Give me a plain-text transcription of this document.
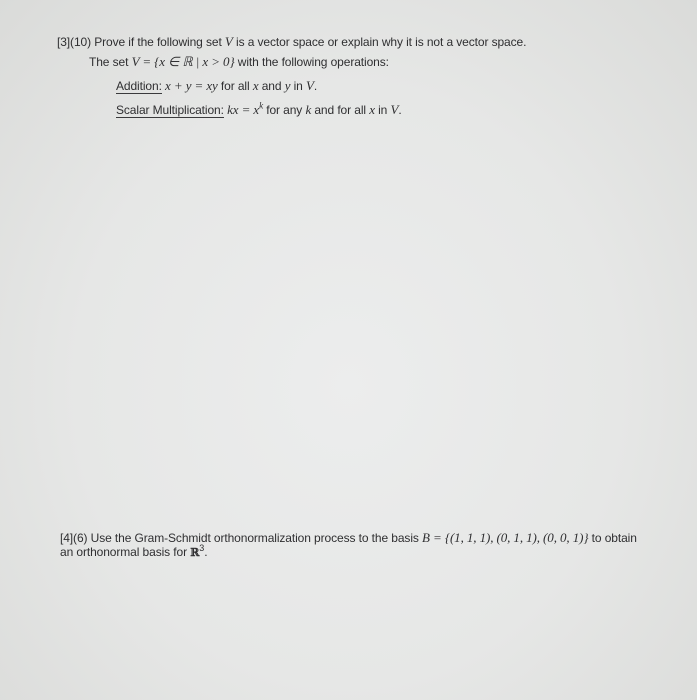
[3](10) Prove if the following set V is a vector space or explain why it is not a vector space.
The set V = {x ∈ ℝ | x > 0} with the following operations:
Addition: x + y = xy for all x and y in V.
Scalar Multiplication: kx = $x^k$ for any k and for all x in V.
[4](6) Use the Gram-Schmidt orthonormalization process to the basis B = {(1, 1, 1), (0, 1, 1), (0, 0, 1)} to obtain
an orthonormal basis for ℝ$^3$.
